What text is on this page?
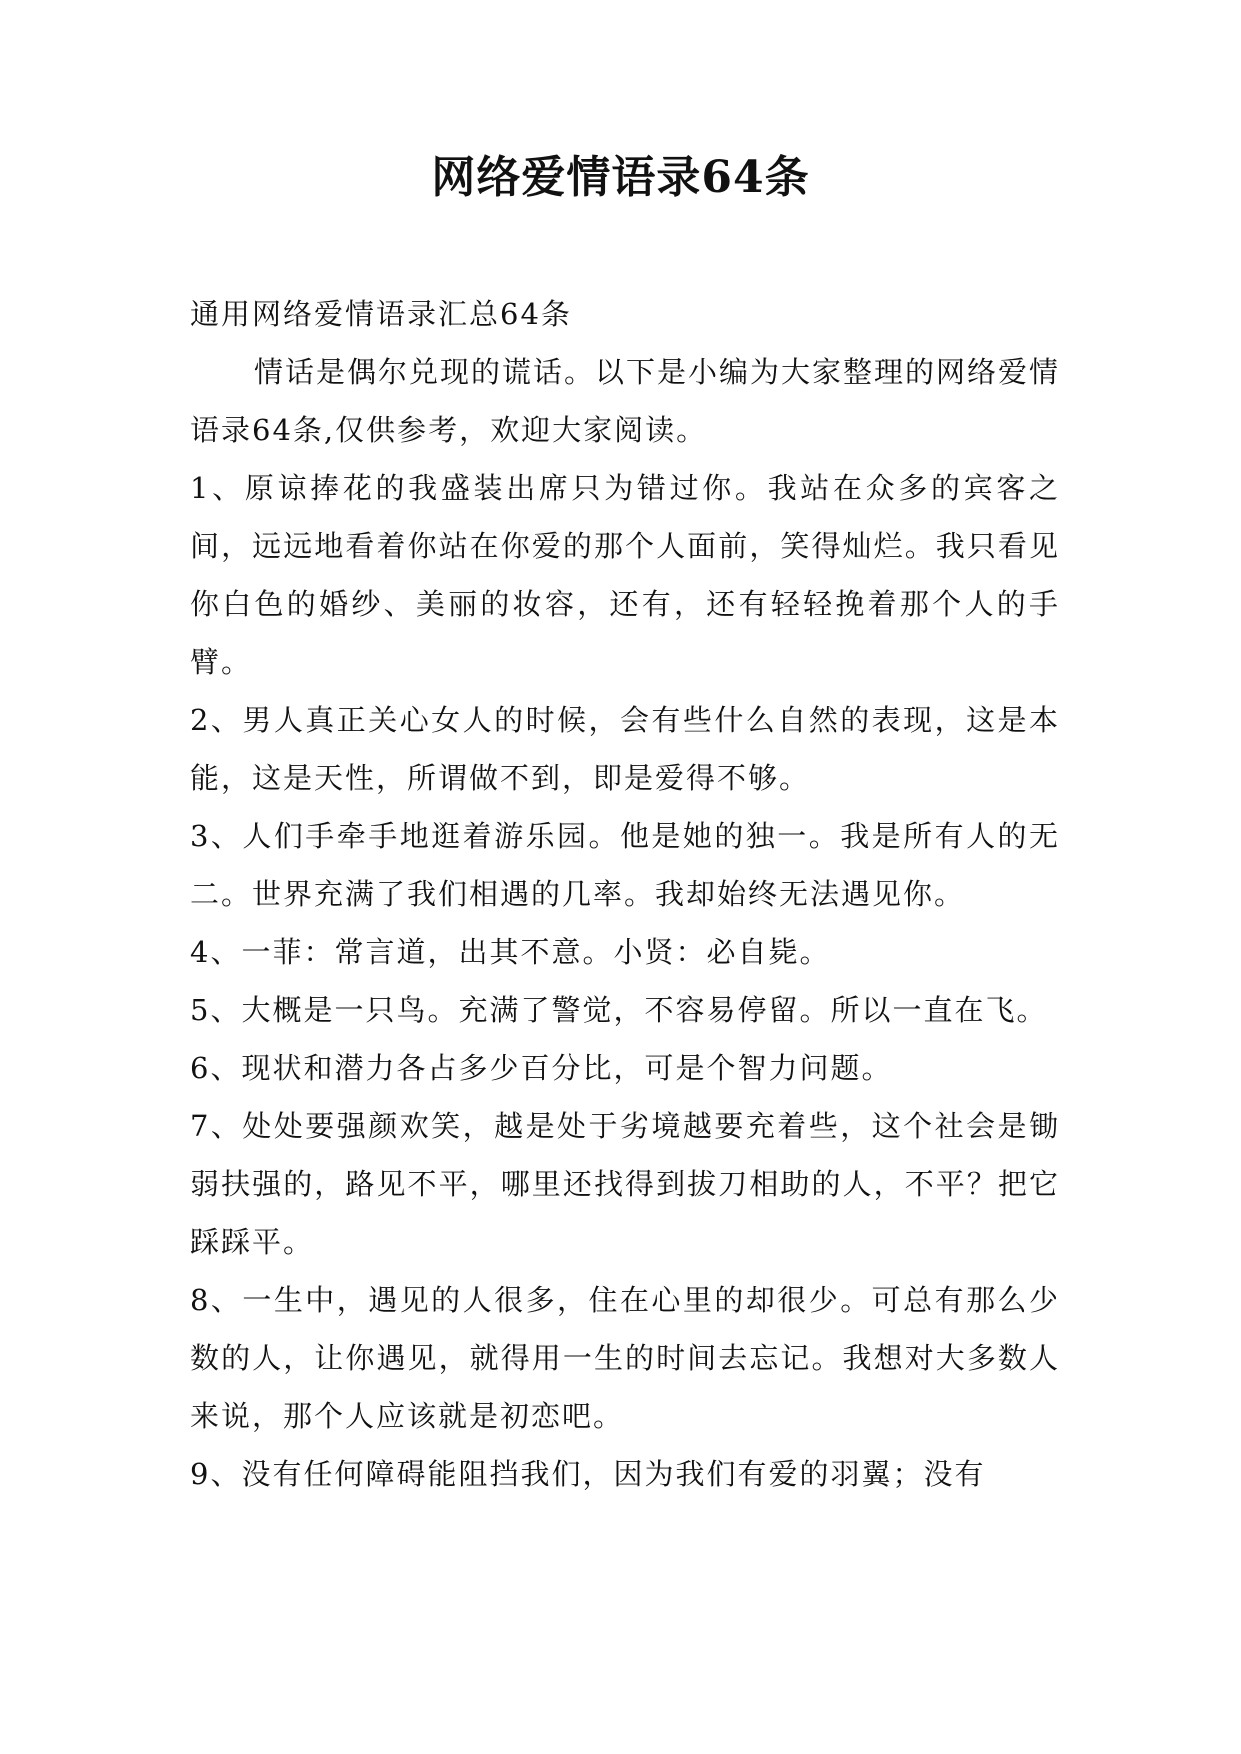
网络爱情语录64条

通用网络爱情语录汇总64条

情话是偶尔兑现的谎话。以下是小编为大家整理的网络爱情语录64条,仅供参考，欢迎大家阅读。

1、原谅捧花的我盛装出席只为错过你。我站在众多的宾客之间，远远地看着你站在你爱的那个人面前，笑得灿烂。我只看见你白色的婚纱、美丽的妆容，还有，还有轻轻挽着那个人的手臂。

2、男人真正关心女人的时候，会有些什么自然的表现，这是本能，这是天性，所谓做不到，即是爱得不够。

3、人们手牵手地逛着游乐园。他是她的独一。我是所有人的无二。世界充满了我们相遇的几率。我却始终无法遇见你。

4、一菲：常言道，出其不意。小贤：必自毙。

5、大概是一只鸟。充满了警觉，不容易停留。所以一直在飞。

6、现状和潜力各占多少百分比，可是个智力问题。

7、处处要强颜欢笑，越是处于劣境越要充着些，这个社会是锄弱扶强的，路见不平，哪里还找得到拔刀相助的人，不平？把它踩踩平。

8、一生中，遇见的人很多，住在心里的却很少。可总有那么少数的人，让你遇见，就得用一生的时间去忘记。我想对大多数人来说，那个人应该就是初恋吧。

9、没有任何障碍能阻挡我们，因为我们有爱的羽翼；没有
